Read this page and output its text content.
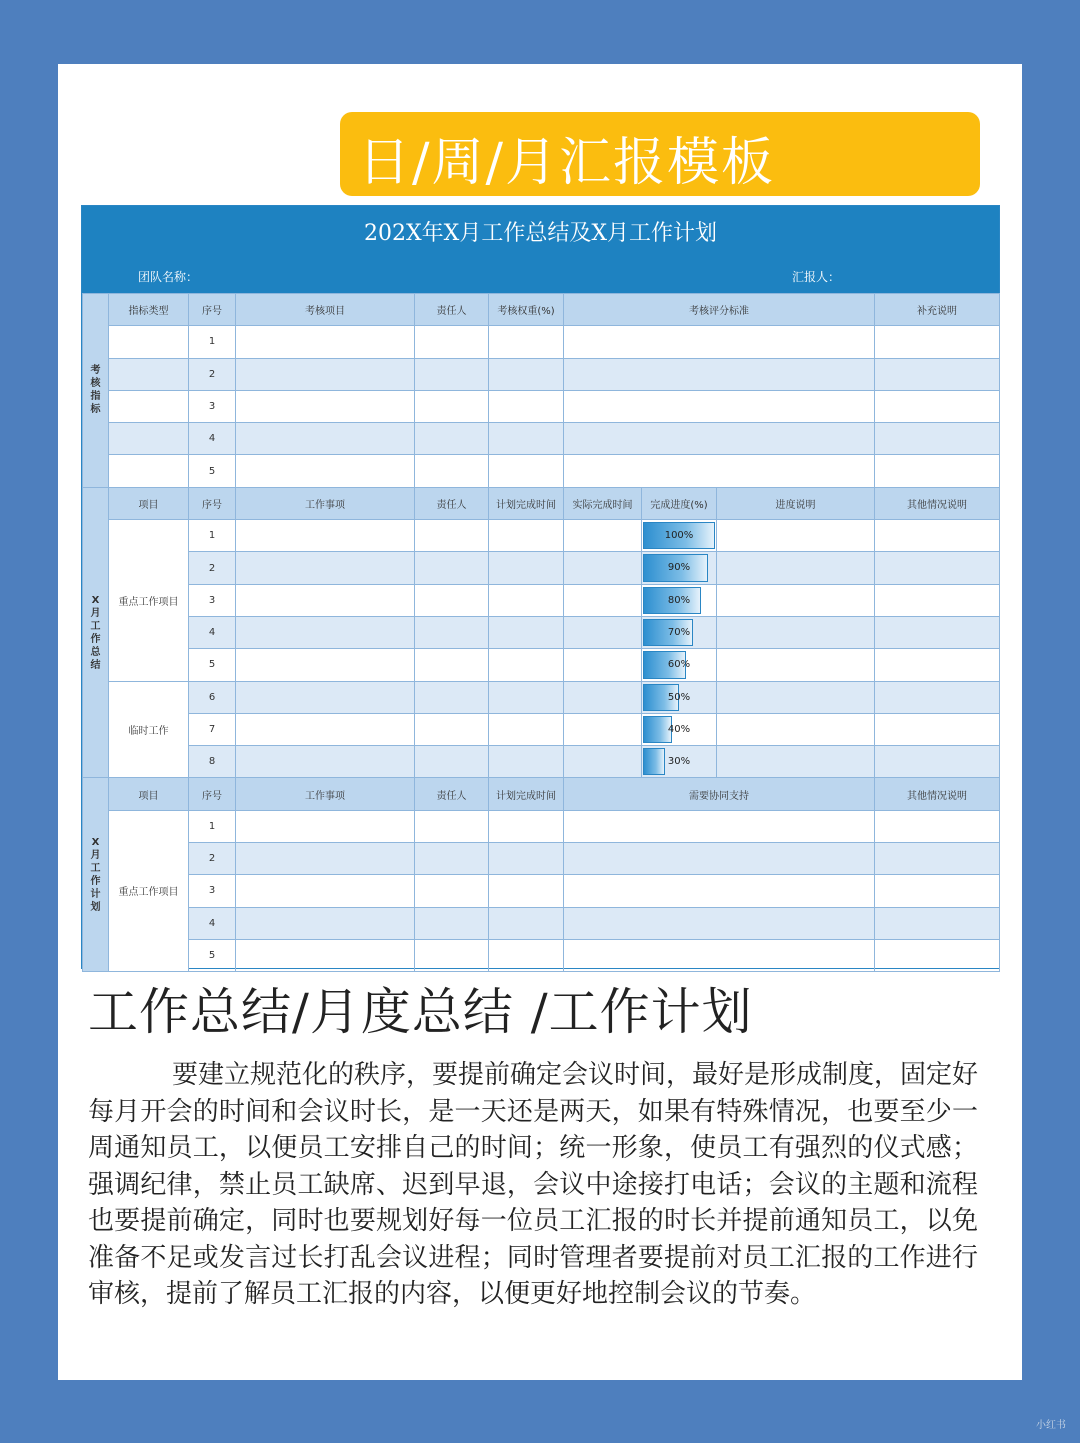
日/周/月汇报模板
202X年X月工作总结及X月工作计划
团队名称：	汇报人：
考核指标	指标类型	序号	考核项目	责任人	考核权重(%)	考核评分标准			补充说明
		1							
		2							
		3							
		4							
		5							
X月工作总结	项目	序号	工作事项	责任人	计划完成时间	实际完成时间	完成进度(%)	进度说明	其他情况说明
	重点工作项目	1					100%		

		2					90%		

		3					80%		

		4					70%		

		5					60%		

	临时工作	6					50%		

		7					40%		

		8					30%		

X月工作计划	项目	序号	工作事项	责任人	计划完成时间	需要协同支持			其他情况说明
	重点工作项目	1							
		2							
		3							
		4							
		5							
工作总结/月度总结 /工作计划
要建立规范化的秩序，要提前确定会议时间，最好是形成制度，固定好每月开会的时间和会议时长，是一天还是两天，如果有特殊情况，也要至少一周通知员工，以便员工安排自己的时间；统一形象，使员工有强烈的仪式感；强调纪律，禁止员工缺席、迟到早退，会议中途接打电话；会议的主题和流程也要提前确定，同时也要规划好每一位员工汇报的时长并提前通知员工，以免准备不足或发言过长打乱会议进程；同时管理者要提前对员工汇报的工作进行审核，提前了解员工汇报的内容，以便更好地控制会议的节奏。
小红书
